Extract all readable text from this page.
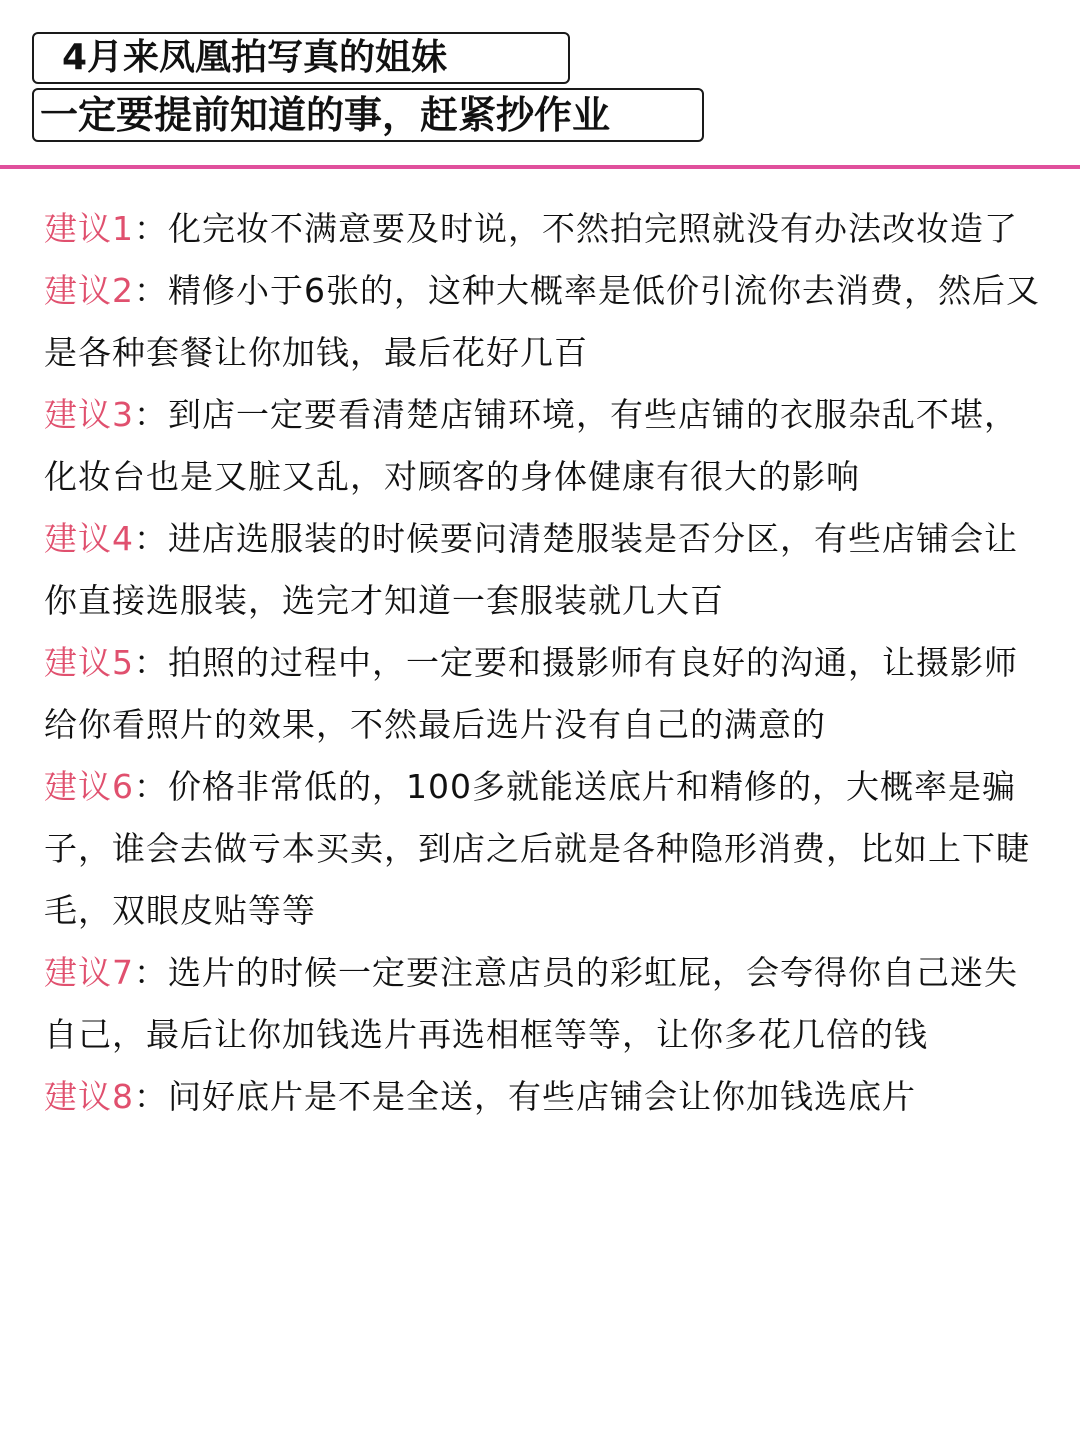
4月来凤凰拍写真的姐妹
一定要提前知道的事，赶紧抄作业

建议1：化完妆不满意要及时说，不然拍完照就没有办法改妆造了

建议2：精修小于6张的，这种大概率是低价引流你去消费，然后又是各种套餐让你加钱，最后花好几百

建议3：到店一定要看清楚店铺环境，有些店铺的衣服杂乱不堪，化妆台也是又脏又乱，对顾客的身体健康有很大的影响

建议4：进店选服装的时候要问清楚服装是否分区，有些店铺会让你直接选服装，选完才知道一套服装就几大百

建议5：拍照的过程中，一定要和摄影师有良好的沟通，让摄影师给你看照片的效果，不然最后选片没有自己的满意的

建议6：价格非常低的，100多就能送底片和精修的，大概率是骗子，谁会去做亏本买卖，到店之后就是各种隐形消费，比如上下睫毛，双眼皮贴等等

建议7：选片的时候一定要注意店员的彩虹屁，会夸得你自己迷失自己，最后让你加钱选片再选相框等等，让你多花几倍的钱

建议8：问好底片是不是全送，有些店铺会让你加钱选底片
